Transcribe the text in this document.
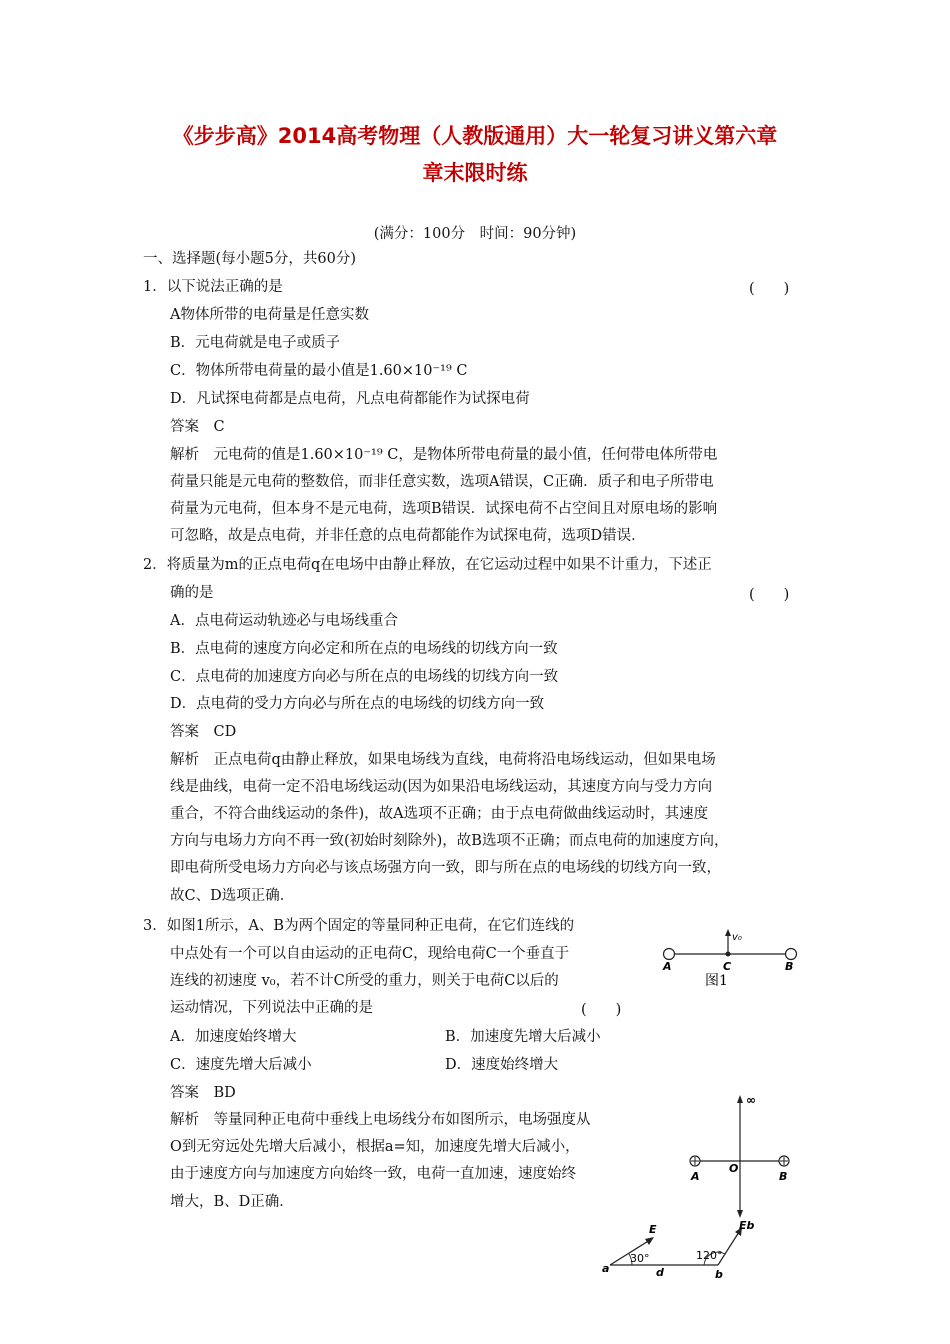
《步步高》2014高考物理（人教版通用）大一轮复习讲义第六章
章末限时练
(满分：100分　时间：90分钟)
一、选择题(每小题5分，共60分)
1．以下说法正确的是	(　　)
A物体所带的电荷量是任意实数
B．元电荷就是电子或质子
C．物体所带电荷量的最小值是1.60×10⁻¹⁹ C
D．凡试探电荷都是点电荷，凡点电荷都能作为试探电荷
答案　C
解析　元电荷的值是1.60×10⁻¹⁹ C，是物体所带电荷量的最小值，任何带电体所带电
荷量只能是元电荷的整数倍，而非任意实数，选项A错误，C正确．质子和电子所带电
荷量为元电荷，但本身不是元电荷，选项B错误．试探电荷不占空间且对原电场的影响
可忽略，故是点电荷，并非任意的点电荷都能作为试探电荷，选项D错误．
2．将质量为m的正点电荷q在电场中由静止释放，在它运动过程中如果不计重力，下述正
确的是	(　　)
A．点电荷运动轨迹必与电场线重合
B．点电荷的速度方向必定和所在点的电场线的切线方向一致
C．点电荷的加速度方向必与所在点的电场线的切线方向一致
D．点电荷的受力方向必与所在点的电场线的切线方向一致
答案　CD
解析　正点电荷q由静止释放，如果电场线为直线，电荷将沿电场线运动，但如果电场
线是曲线，电荷一定不沿电场线运动(因为如果沿电场线运动，其速度方向与受力方向
重合，不符合曲线运动的条件)，故A选项不正确；由于点电荷做曲线运动时，其速度
方向与电场力方向不再一致(初始时刻除外)，故B选项不正确；而点电荷的加速度方向，
即电荷所受电场力方向必与该点场强方向一致，即与所在点的电场线的切线方向一致，
故C、D选项正确．
3．如图1所示，A、B为两个固定的等量同种正电荷，在它们连线的
中点处有一个可以自由运动的正电荷C，现给电荷C一个垂直于
连线的初速度 v₀，若不计C所受的重力，则关于电荷C以后的
运动情况，下列说法中正确的是	(　　)
A．加速度始终增大	B．加速度先增大后减小
C．速度先增大后减小	D．速度始终增大
答案　BD
解析　等量同种正电荷中垂线上电场线分布如图所示，电场强度从
O到无穷远处先增大后减小，根据a=知，加速度先增大后减小，
由于速度方向与加速度方向始终一致，电荷一直加速，速度始终
增大，B、D正确．
v₀
A	C	B
图1
∞
A
O
B
E	Eb
30°	120°
a	d	b
